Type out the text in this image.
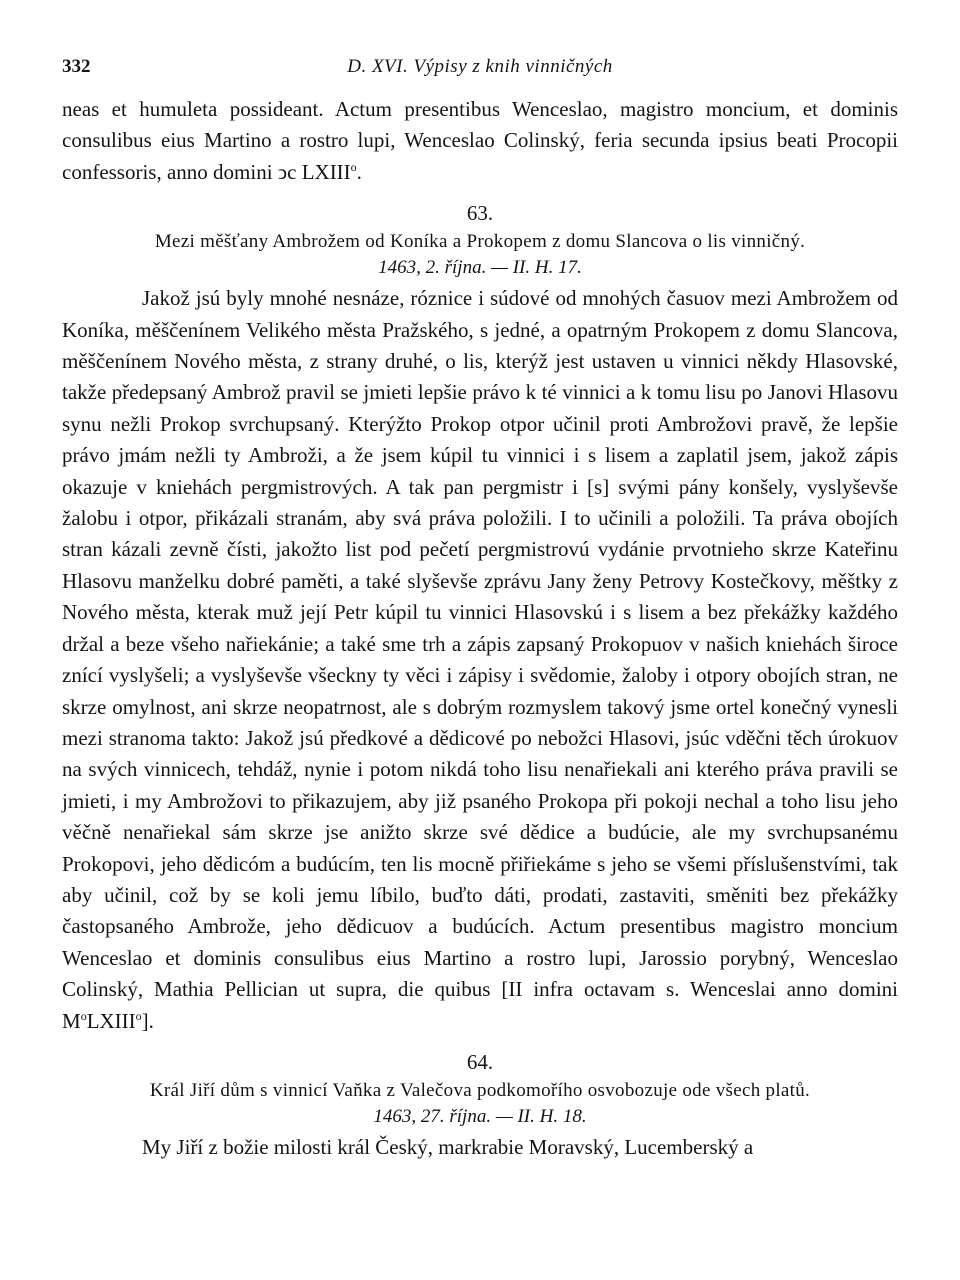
332	D. XVI. Výpisy z knih vinničných

neas et humuleta possideant. Actum presentibus Wenceslao, magistro moncium, et dominis consulibus eius Martino a rostro lupi, Wenceslao Colinský, feria secunda ipsius beati Procopii confessoris, anno domini ↄc LXIII$^o$.

63.
Mezi měšťany Ambrožem od Koníka a Prokopem z domu Slancova o lis vinničný.
1463, 2. října. — II. H. 17.

Jakož jsú byly mnohé nesnáze, róznice i súdové od mnohých časuov mezi Ambrožem od Koníka, měščenínem Velikého města Pražského, s jedné, a opatrným Prokopem z domu Slancova, měščenínem Nového města, z strany druhé, o lis, kterýž jest ustaven u vinnici někdy Hlasovské, takže předepsaný Ambrož pravil se jmieti lepšie právo k té vinnici a k tomu lisu po Janovi Hlasovu synu nežli Prokop svrchupsaný. Kterýžto Prokop otpor učinil proti Ambrožovi pravě, že lepšie právo jmám nežli ty Ambroži, a že jsem kúpil tu vinnici i s lisem a zaplatil jsem, jakož zápis okazuje v kniehách pergmistrových. A tak pan pergmistr i [s] svými pány konšely, vyslyševše žalobu i otpor, přikázali stranám, aby svá práva položili. I to učinili a položili. Ta práva obojích stran kázali zevně čísti, jakožto list pod pečetí pergmistrovú vydánie prvotnieho skrze Kateřinu Hlasovu manželku dobré paměti, a také slyševše zprávu Jany ženy Petrovy Kostečkovy, měštky z Nového města, kterak muž její Petr kúpil tu vinnici Hlasovskú i s lisem a bez překážky každého držal a beze všeho nařiekánie; a také sme trh a zápis zapsaný Prokopuov v našich kniehách široce znící vyslyšeli; a vyslyševše všeckny ty věci i zápisy i svědomie, žaloby i otpory obojích stran, ne skrze omylnost, ani skrze neopatrnost, ale s dobrým rozmyslem takový jsme ortel konečný vynesli mezi stranoma takto: Jakož jsú předkové a dědicové po nebožci Hlasovi, jsúc vděčni těch úrokuov na svých vinnicech, tehdáž, nynie i potom nikdá toho lisu nenařiekali ani kterého práva pravili se jmieti, i my Ambrožovi to přikazujem, aby již psaného Prokopa při pokoji nechal a toho lisu jeho věčně nenařiekal sám skrze jse anižto skrze své dědice a budúcie, ale my svrchupsanému Prokopovi, jeho dědicóm a budúcím, ten lis mocně přiřiekáme s jeho se všemi příslušenstvími, tak aby učinil, což by se koli jemu líbilo, buďto dáti, prodati, zastaviti, směniti bez překážky častopsaného Ambrože, jeho dědicuov a budúcích. Actum presentibus magistro moncium Wenceslao et dominis consulibus eius Martino a rostro lupi, Jarossio porybný, Wenceslao Colinský, Mathia Pellician ut supra, die quibus [II infra octavam s. Wenceslai anno domini $M^oLXIII^o$].

64.
Král Jiří dům s vinnicí Vaňka z Valečova podkomořího osvobozuje ode všech platů.
1463, 27. října. — II. H. 18.

My Jiří z božie milosti král Český, markrabie Moravský, Lucemberský a
